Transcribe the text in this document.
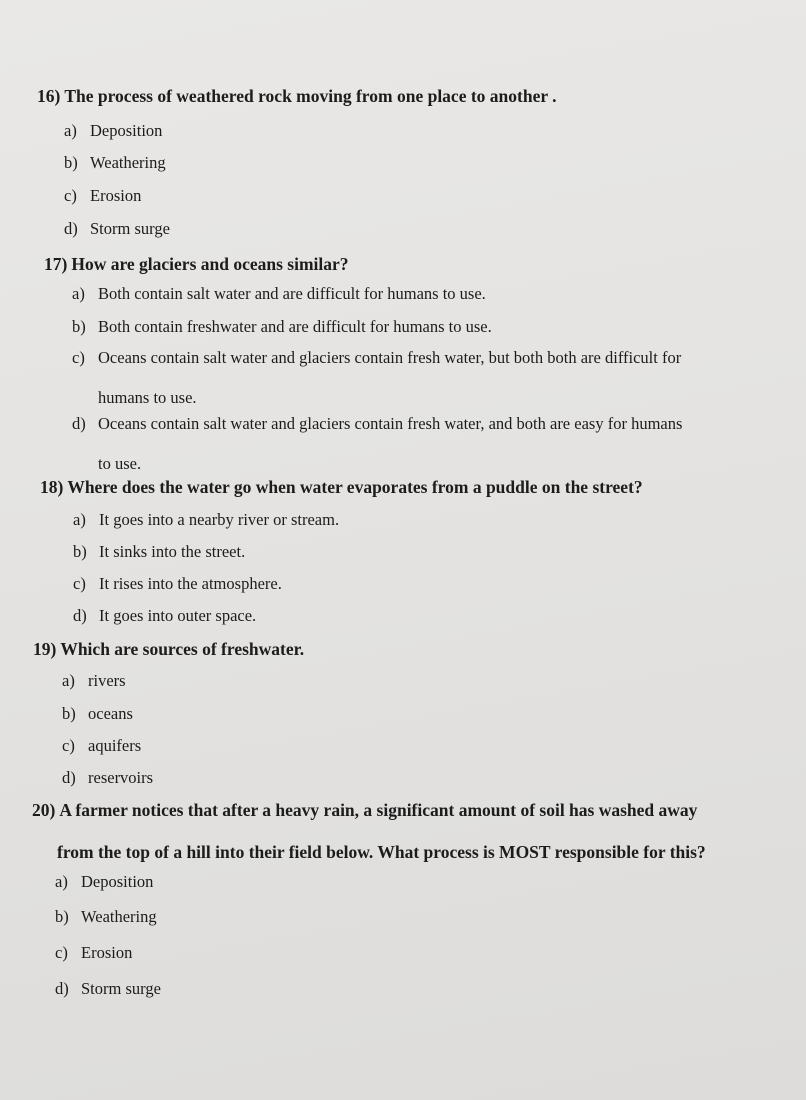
16) The process of weathered rock moving from one place to another .

a) Deposition

b) Weathering

c) Erosion

d) Storm surge

17) How are glaciers and oceans similar?

a) Both contain salt water and are difficult for humans to use.

b) Both contain freshwater and are difficult for humans to use.

c) Oceans contain salt water and glaciers contain fresh water, but both both are difficult for
humans to use.

d) Oceans contain salt water and glaciers contain fresh water, and both are easy for humans
to use.

18) Where does the water go when water evaporates from a puddle on the street?

a) It goes into a nearby river or stream.

b) It sinks into the street.

c) It rises into the atmosphere.

d) It goes into outer space.

19) Which are sources of freshwater.

a) rivers

b) oceans

c) aquifers

d) reservoirs

20) A farmer notices that after a heavy rain, a significant amount of soil has washed away
from the top of a hill into their field below. What process is MOST responsible for this?

a) Deposition

b) Weathering

c) Erosion

d) Storm surge
